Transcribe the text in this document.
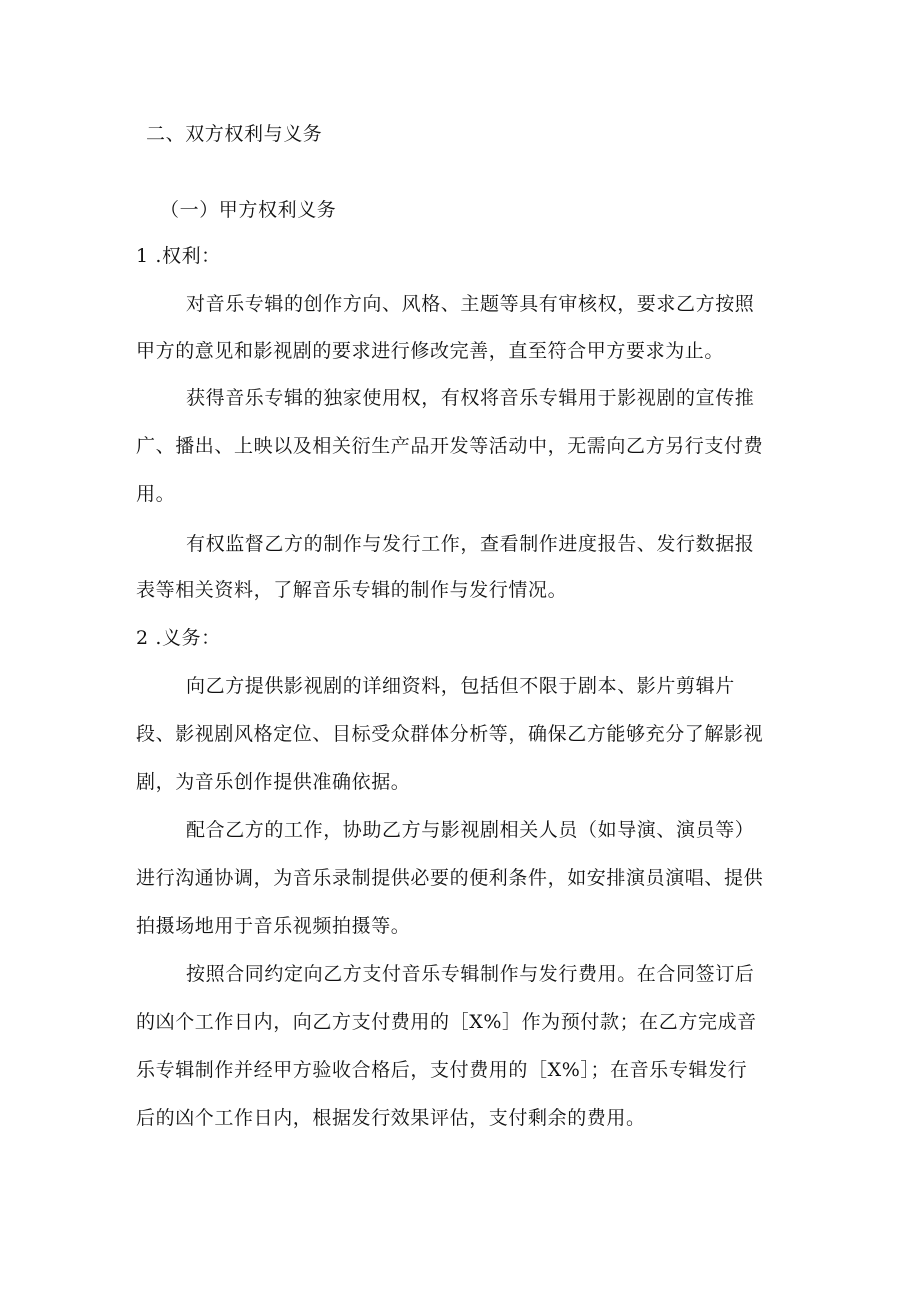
二、双方权利与义务
（一）甲方权利义务
1 .权利：
对音乐专辑的创作方向、风格、主题等具有审核权，要求乙方按照
甲方的意见和影视剧的要求进行修改完善，直至符合甲方要求为止。
获得音乐专辑的独家使用权，有权将音乐专辑用于影视剧的宣传推
广、播出、上映以及相关衍生产品开发等活动中，无需向乙方另行支付费
用。
有权监督乙方的制作与发行工作，查看制作进度报告、发行数据报
表等相关资料，了解音乐专辑的制作与发行情况。
2 .义务：
向乙方提供影视剧的详细资料，包括但不限于剧本、影片剪辑片
段、影视剧风格定位、目标受众群体分析等，确保乙方能够充分了解影视
剧，为音乐创作提供准确依据。
配合乙方的工作，协助乙方与影视剧相关人员（如导演、演员等）
进行沟通协调，为音乐录制提供必要的便利条件，如安排演员演唱、提供
拍摄场地用于音乐视频拍摄等。
按照合同约定向乙方支付音乐专辑制作与发行费用。在合同签订后
的凶个工作日内，向乙方支付费用的［X%］作为预付款；在乙方完成音
乐专辑制作并经甲方验收合格后，支付费用的［X%］；在音乐专辑发行
后的凶个工作日内，根据发行效果评估，支付剩余的费用。
